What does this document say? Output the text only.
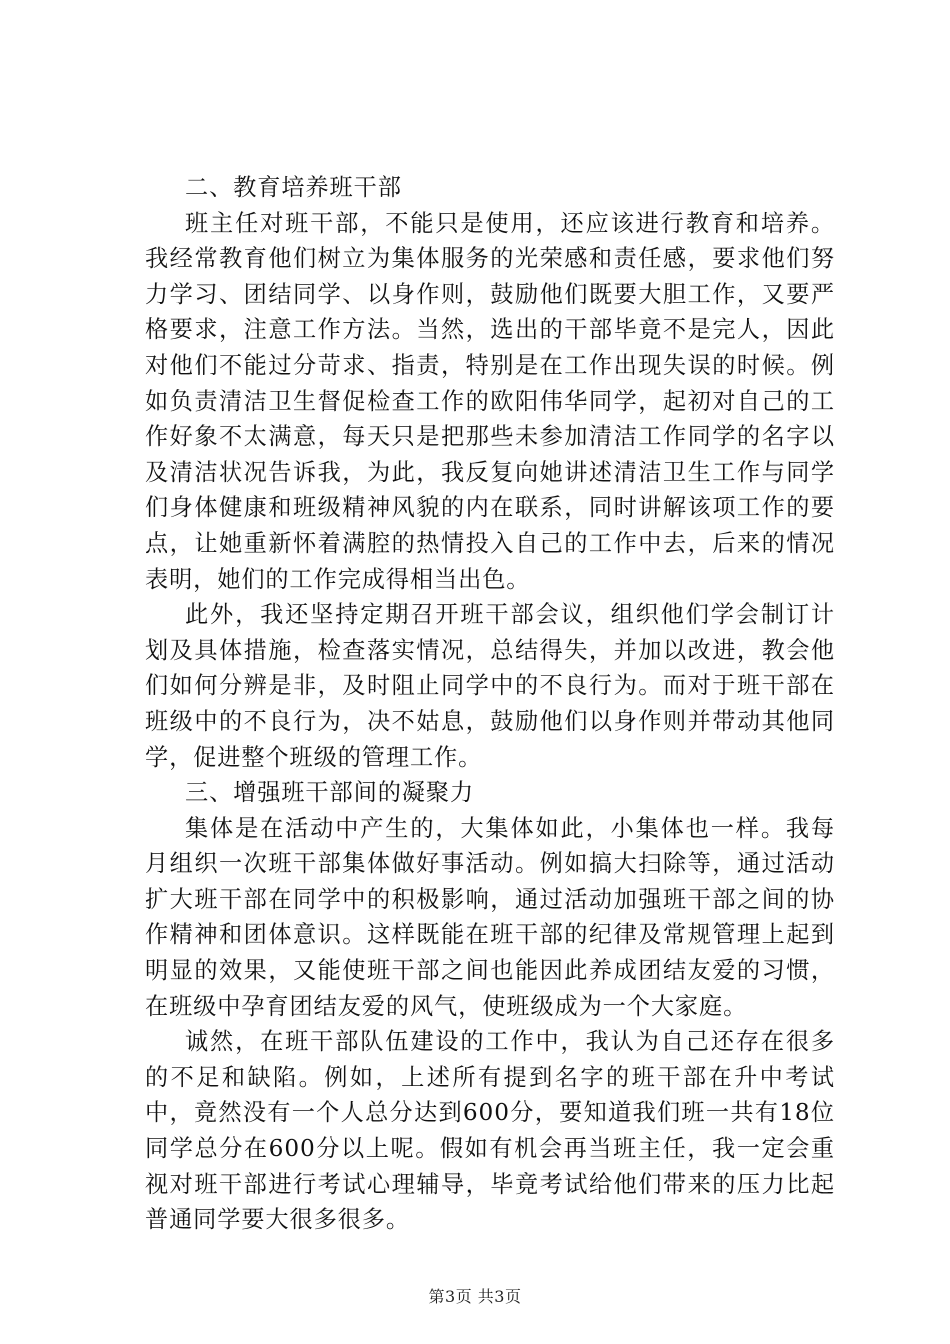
二、教育培养班干部

班主任对班干部，不能只是使用，还应该进行教育和培养。我经常教育他们树立为集体服务的光荣感和责任感，要求他们努力学习、团结同学、以身作则，鼓励他们既要大胆工作，又要严格要求，注意工作方法。当然，选出的干部毕竟不是完人，因此对他们不能过分苛求、指责，特别是在工作出现失误的时候。例如负责清洁卫生督促检查工作的欧阳伟华同学，起初对自己的工作好象不太满意，每天只是把那些未参加清洁工作同学的名字以及清洁状况告诉我，为此，我反复向她讲述清洁卫生工作与同学们身体健康和班级精神风貌的内在联系，同时讲解该项工作的要点，让她重新怀着满腔的热情投入自己的工作中去，后来的情况表明，她们的工作完成得相当出色。

此外，我还坚持定期召开班干部会议，组织他们学会制订计划及具体措施，检查落实情况，总结得失，并加以改进，教会他们如何分辨是非，及时阻止同学中的不良行为。而对于班干部在班级中的不良行为，决不姑息，鼓励他们以身作则并带动其他同学，促进整个班级的管理工作。

三、增强班干部间的凝聚力

集体是在活动中产生的，大集体如此，小集体也一样。我每月组织一次班干部集体做好事活动。例如搞大扫除等，通过活动扩大班干部在同学中的积极影响，通过活动加强班干部之间的协作精神和团体意识。这样既能在班干部的纪律及常规管理上起到明显的效果，又能使班干部之间也能因此养成团结友爱的习惯，在班级中孕育团结友爱的风气，使班级成为一个大家庭。

诚然，在班干部队伍建设的工作中，我认为自己还存在很多的不足和缺陷。例如，上述所有提到名字的班干部在升中考试中，竟然没有一个人总分达到600分，要知道我们班一共有18位同学总分在600分以上呢。假如有机会再当班主任，我一定会重视对班干部进行考试心理辅导，毕竟考试给他们带来的压力比起普通同学要大很多很多。

第3页 共3页
